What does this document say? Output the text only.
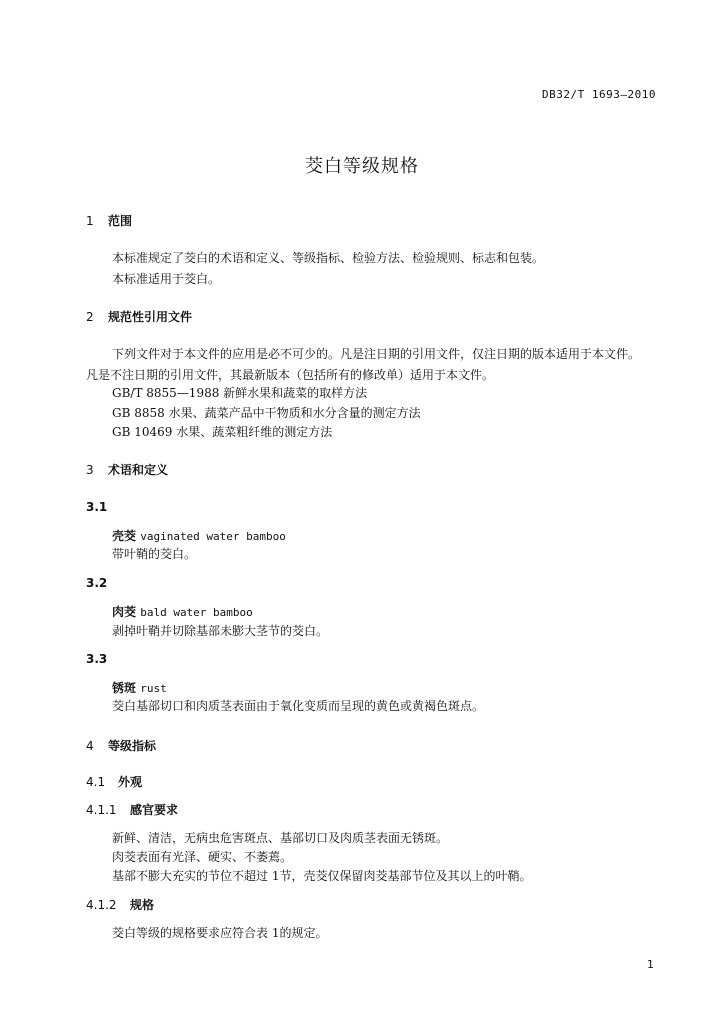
DB32/T 1693—2010
茭白等级规格
1 范围
本标准规定了茭白的术语和定义、等级指标、检验方法、检验规则、标志和包装。
本标准适用于茭白。
2 规范性引用文件
下列文件对于本文件的应用是必不可少的。凡是注日期的引用文件，仅注日期的版本适用于本文件。
凡是不注日期的引用文件，其最新版本（包括所有的修改单）适用于本文件。
GB/T 8855—1988 新鲜水果和蔬菜的取样方法
GB 8858 水果、蔬菜产品中干物质和水分含量的测定方法
GB 10469 水果、蔬菜粗纤维的测定方法
3 术语和定义
3.1
壳茭 vaginated water bamboo
带叶鞘的茭白。
3.2
肉茭 bald water bamboo
剥掉叶鞘并切除基部未膨大茎节的茭白。
3.3
锈斑 rust
茭白基部切口和肉质茎表面由于氧化变质而呈现的黄色或黄褐色斑点。
4 等级指标
4.1 外观
4.1.1 感官要求
新鲜、清洁，无病虫危害斑点、基部切口及肉质茎表面无锈斑。
肉茭表面有光泽、硬实、不萎蔫。
基部不膨大充实的节位不超过 1节，壳茭仅保留肉茭基部节位及其以上的叶鞘。
4.1.2 规格
茭白等级的规格要求应符合表 1的规定。
1
